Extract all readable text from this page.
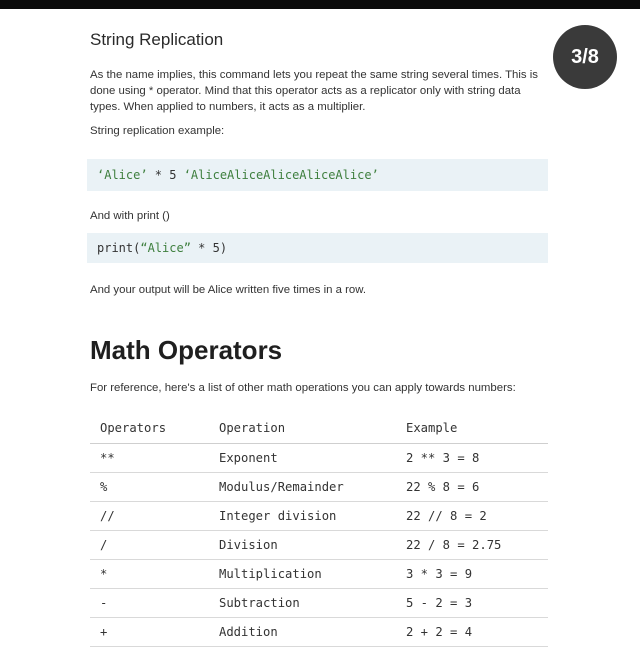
3/8
String Replication
As the name implies, this command lets you repeat the same string several times. This is done using * operator. Mind that this operator acts as a replicator only with string data types. When applied to numbers, it acts as a multiplier.
String replication example:
‘Alice’ * 5 ‘AliceAliceAliceAliceAlice’
And with print ()
print( “Alice” * 5)
And your output will be Alice written five times in a row.
Math Operators
For reference, here's a list of other math operations you can apply towards numbers:
Operators	Operation	Example
**	Exponent	2 ** 3 = 8
%	Modulus/Remainder	22 % 8 = 6
//	Integer division	22 // 8 = 2
/	Division	22 / 8 = 2.75
*	Multiplication	3 * 3 = 9
-	Subtraction	5 - 2 = 3
+	Addition	2 + 2 = 4
